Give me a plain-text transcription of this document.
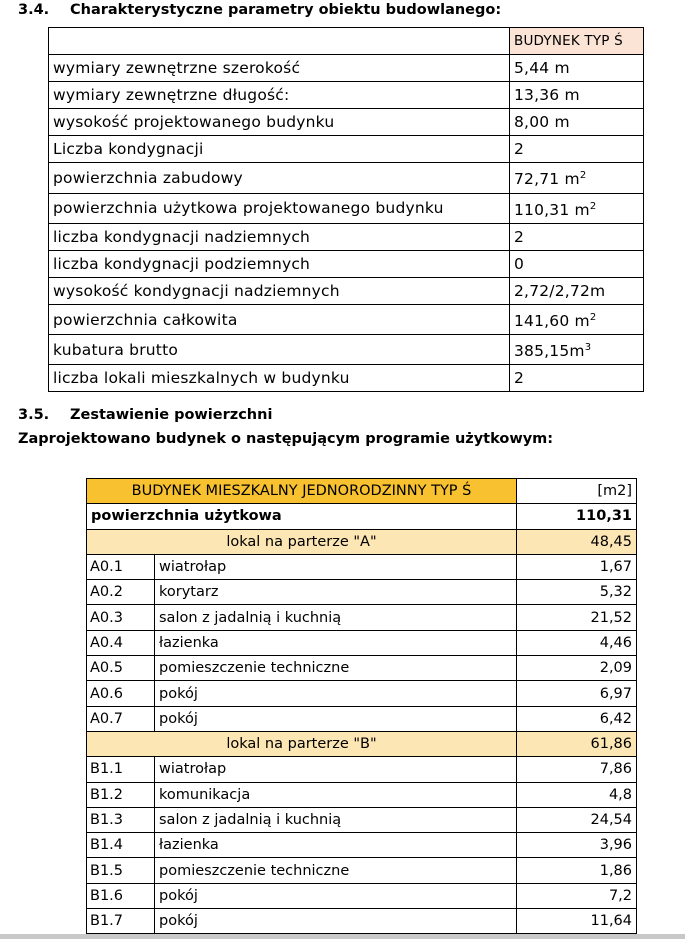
3.4. Charakterystyczne parametry obiektu budowlanego:
	BUDYNEK TYP Ś
wymiary zewnętrzne szerokość	5,44 m
wymiary zewnętrzne długość:	13,36 m
wysokość projektowanego budynku	8,00 m
Liczba kondygnacji	2
powierzchnia zabudowy	72,71 $m^2$
powierzchnia użytkowa projektowanego budynku	110,31 $m^2$
liczba kondygnacji nadziemnych	2
liczba kondygnacji podziemnych	0
wysokość kondygnacji nadziemnych	2,72/2,72m
powierzchnia całkowita	141,60 $m^2$
kubatura brutto	$385,15m^3$
liczba lokali mieszkalnych w budynku	2
3.5. Zestawienie powierzchni
Zaprojektowano budynek o następującym programie użytkowym:
BUDYNEK MIESZKALNY JEDNORODZINNY TYP Ś		[m2]
powierzchnia użytkowa		110,31
lokal na parterze "A"		48,45
A0.1	wiatrołap	1,67
A0.2	korytarz	5,32
A0.3	salon z jadalnią i kuchnią	21,52
A0.4	łazienka	4,46
A0.5	pomieszczenie techniczne	2,09
A0.6	pokój	6,97
A0.7	pokój	6,42
lokal na parterze "B"		61,86
B1.1	wiatrołap	7,86
B1.2	komunikacja	4,8
B1.3	salon z jadalnią i kuchnią	24,54
B1.4	łazienka	3,96
B1.5	pomieszczenie techniczne	1,86
B1.6	pokój	7,2
B1.7	pokój	11,64
